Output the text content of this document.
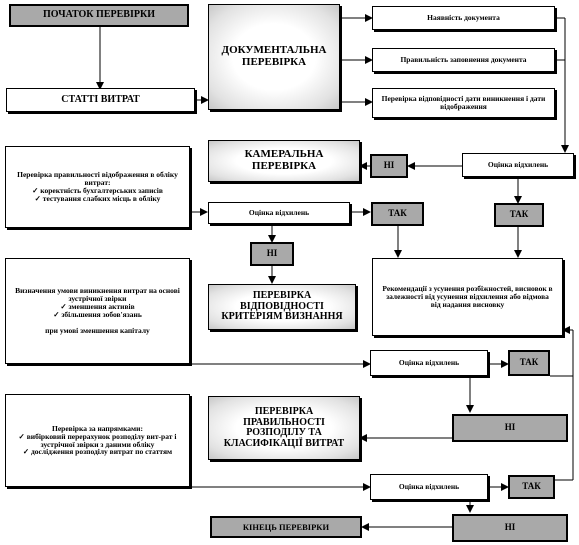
ПОЧАТОК ПЕРЕВІРКИ
СТАТТІ ВИТРАТ
ДОКУМЕНТАЛЬНА ПЕРЕВІРКА
Наявність документа
Правильність заповнення документа
Перевірка відповідності дати виникнення і дати відображення
Оцінка відхилень
НІ
КАМЕРАЛЬНА ПЕРЕВІРКА
Перевірка правильності відображення в обліку витрат:
✓ коректність бухгалтерських записів
✓ тестування слабких місць в обліку
Оцінка відхилень	ТАК	ТАК
НІ
Рекомендації з усунення розбіжностей, висновок в залежності від усунення відхилення або відмова від надання висновку
ПЕРЕВІРКА ВІДПОВІДНОСТІ КРИТЕРІЯМ ВИЗНАННЯ
Визначення умови виникнення витрат на основі зустрічної звірки
✓ зменшення активів
✓ збільшення зобов'язань
при умові зменшення капіталу
Оцінка відхилень	ТАК
ПЕРЕВІРКА ПРАВИЛЬНОСТІ РОЗПОДІЛУ ТА КЛАСИФІКАЦІЇ ВИТРАТ
НІ
Перевірка за напрямками:
✓ вибірковий перерахунок розподілу вит-рат і зустрічної звірки з даними обліку
✓ дослідження розподілу витрат по статтям
Оцінка відхилень	ТАК
КІНЕЦЬ ПЕРЕВІРКИ	НІ
